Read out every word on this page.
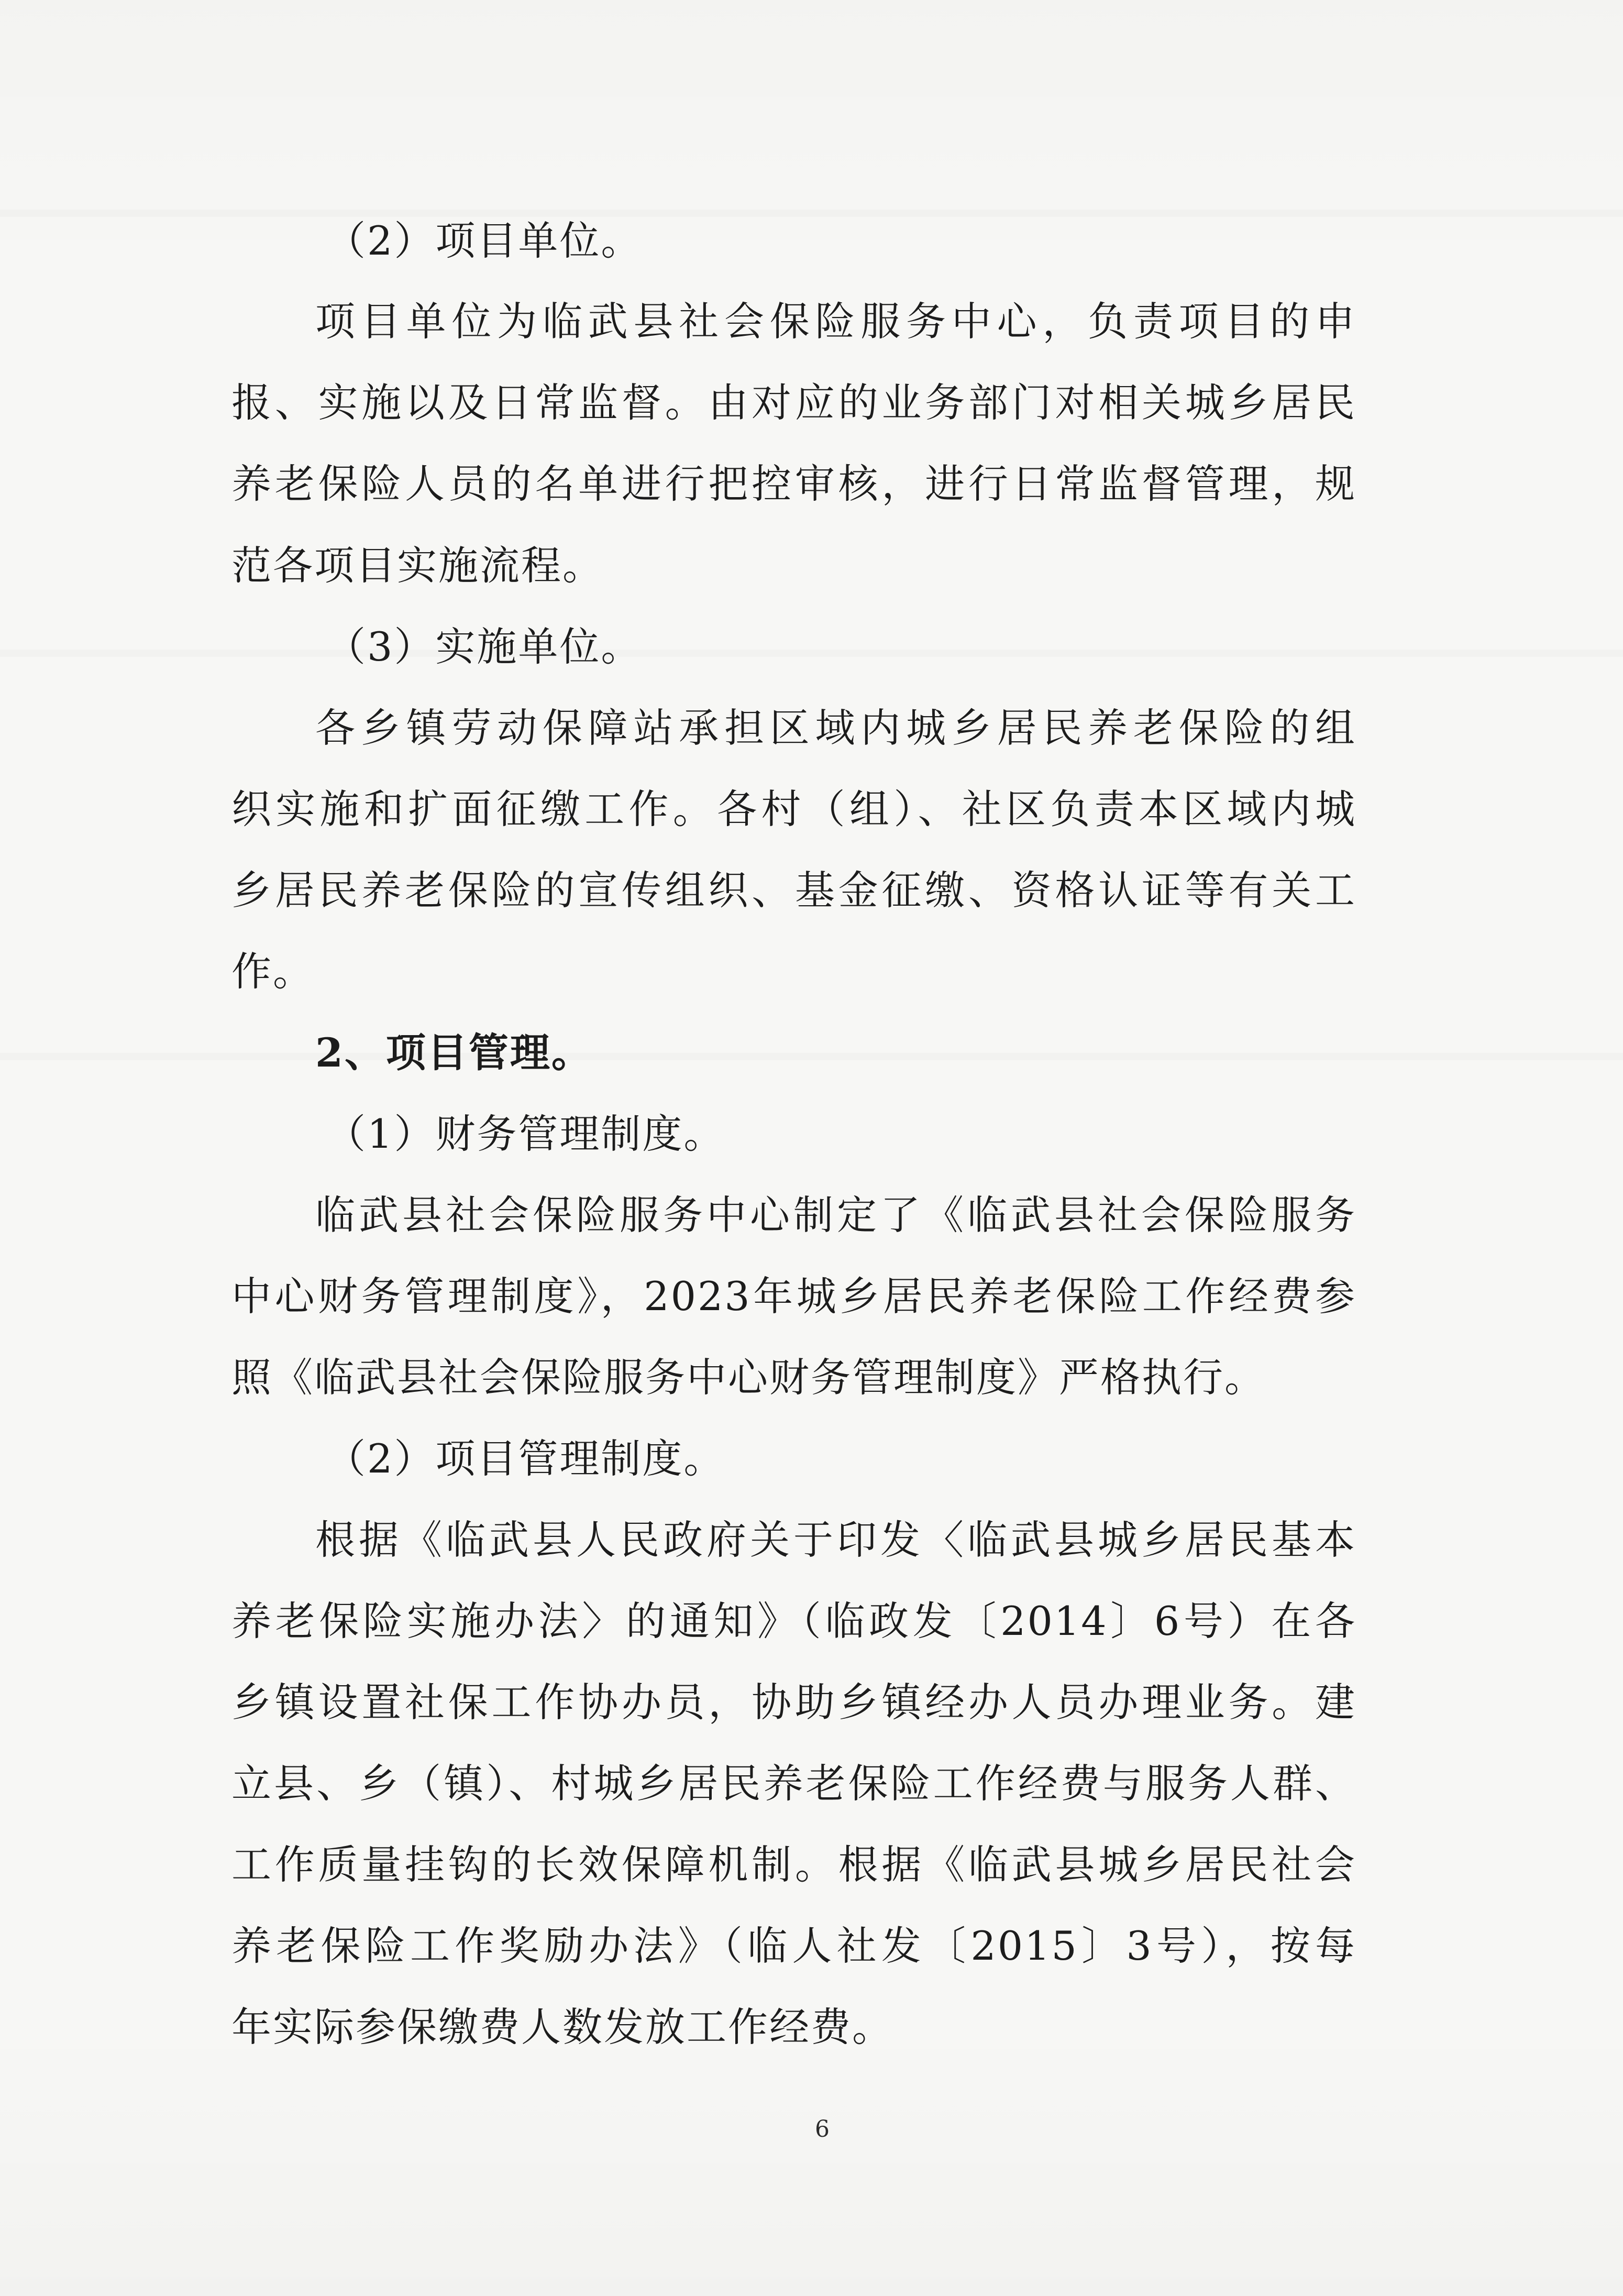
（2）项目单位。
项目单位为临武县社会保险服务中心，负责项目的申
报、实施以及日常监督。由对应的业务部门对相关城乡居民
养老保险人员的名单进行把控审核，进行日常监督管理，规
范各项目实施流程。
（3）实施单位。
各乡镇劳动保障站承担区域内城乡居民养老保险的组
织实施和扩面征缴工作。各村（组）、社区负责本区域内城
乡居民养老保险的宣传组织、基金征缴、资格认证等有关工
作。
2、项目管理。
（1）财务管理制度。
临武县社会保险服务中心制定了《临武县社会保险服务
中心财务管理制度》，2023年城乡居民养老保险工作经费参
照《临武县社会保险服务中心财务管理制度》严格执行。
（2）项目管理制度。
根据《临武县人民政府关于印发〈临武县城乡居民基本
养老保险实施办法〉的通知》（临政发〔2014〕6号）在各
乡镇设置社保工作协办员，协助乡镇经办人员办理业务。建
立县、乡（镇）、村城乡居民养老保险工作经费与服务人群、
工作质量挂钩的长效保障机制。根据《临武县城乡居民社会
养老保险工作奖励办法》（临人社发〔2015〕3号），按每
年实际参保缴费人数发放工作经费。
6
